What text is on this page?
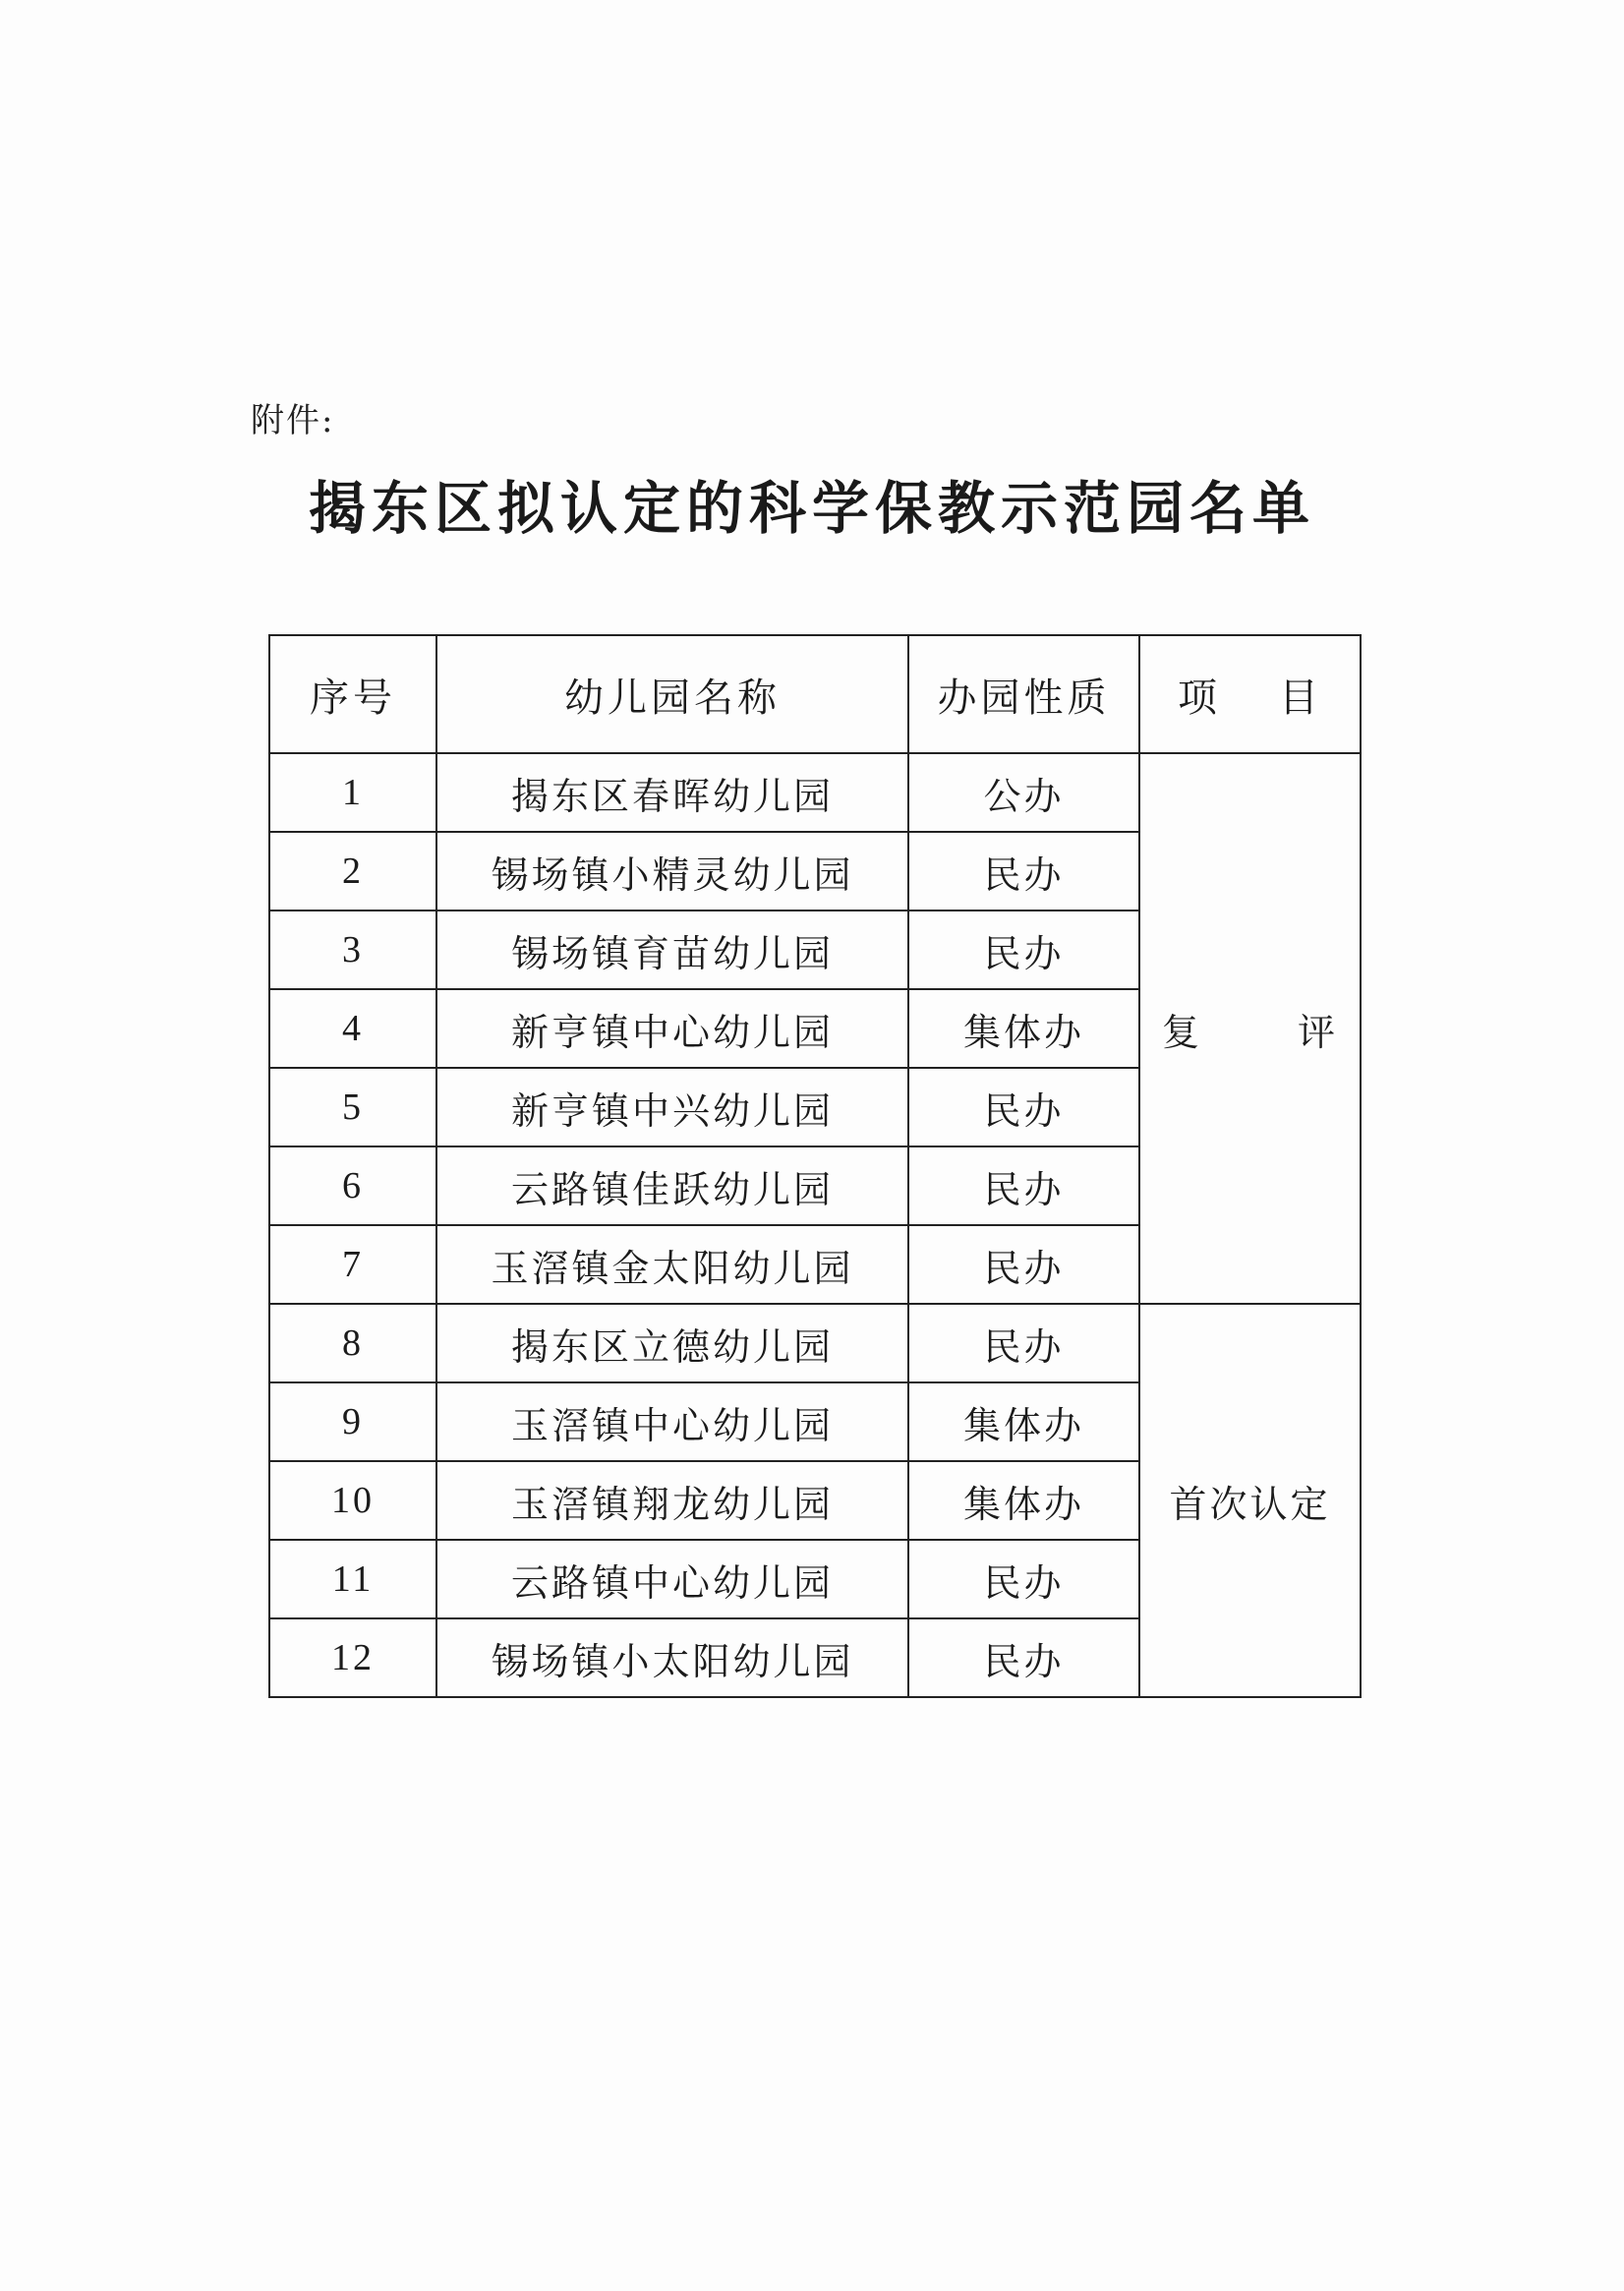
附件:
揭东区拟认定的科学保教示范园名单
序号	幼儿园名称	办园性质	项 目

1	揭东区春晖幼儿园	公办	复 评

2	锡场镇小精灵幼儿园	民办	
3	锡场镇育苗幼儿园	民办	
4	新亨镇中心幼儿园	集体办	
5	新亨镇中兴幼儿园	民办	
6	云路镇佳跃幼儿园	民办	
7	玉滘镇金太阳幼儿园	民办	
8	揭东区立德幼儿园	民办	首次认定
9	玉滘镇中心幼儿园	集体办	
10	玉滘镇翔龙幼儿园	集体办	
11	云路镇中心幼儿园	民办	
12	锡场镇小太阳幼儿园	民办	
